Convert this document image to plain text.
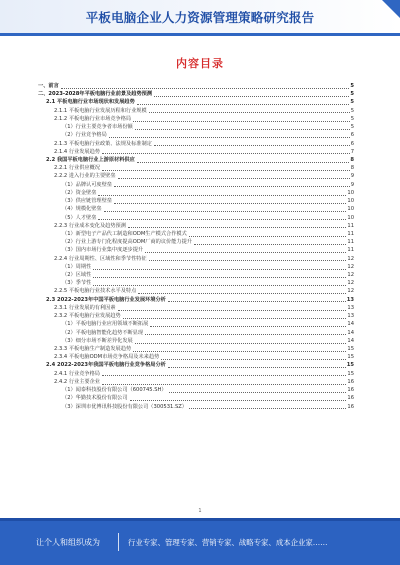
平板电脑企业人力资源管理策略研究报告
内容目录
一、前言	5
二、2023-2028年平板电脑行业前景及趋势预测	5
2.1 平板电脑行业市场现状和发展趋势	5
2.1.1 平板电脑行业发展历程和行业规模	5
2.1.2 平板电脑行业市场竞争格局	5
（1）行业主要竞争者市场份额	5
（2）行业竞争格局	6
2.1.3 平板电脑行业政策、法规及标准制定	6
2.1.4 行业发展趋势	7
2.2 我国平板电脑行业上游原材料供应	8
2.2.1 行业供应概况	8
2.2.2 进入行业的主要壁垒	9
（1）品牌认可度壁垒	9
（2）资金壁垒	10
（3）供应链管理壁垒	10
（4）规模化壁垒	10
（5）人才壁垒	10
2.2.3 行业成本变化及趋势预测	11
（1）新型电子产品代工制造和ODM生产模式合作模式	11
（2）行业上游专门化程度提高ODM厂商的议价能力提升	11
（3）国内市场行业集中度逐步提升	11
2.2.4 行业周期性、区域性和季节性特征	12
（1）周期性	12
（2）区域性	12
（3）季节性	12
2.2.5 平板电脑行业技术水平及特点	12
2.3 2022-2023年中国平板电脑行业发展环境分析	13
2.3.1 行业发展的有利因素	13
2.3.2 平板电脑行业发展趋势	13
（1）平板电脑行业应用领域不断拓展	14
（2）平板电脑智能化趋势不断显现	14
（3）细分市场不断差异化发展	14
2.3.3 平板电脑生产制造发展趋势	15
2.3.4 平板电脑ODM市场竞争格局及未来趋势	15
2.4 2022-2023年我国平板电脑行业竞争格局分析	15
2.4.1 行业竞争格局	15
2.4.2 行业主要企业	16
（1）闻泰科技股份有限公司（600745.SH）	16
（2）华勤技术股份有限公司	16
（3）深圳市优博讯科技股份有限公司（300531.SZ）	16
1
让个人和组织成为	行业专家、管理专家、营销专家、战略专家、成本企业家……
